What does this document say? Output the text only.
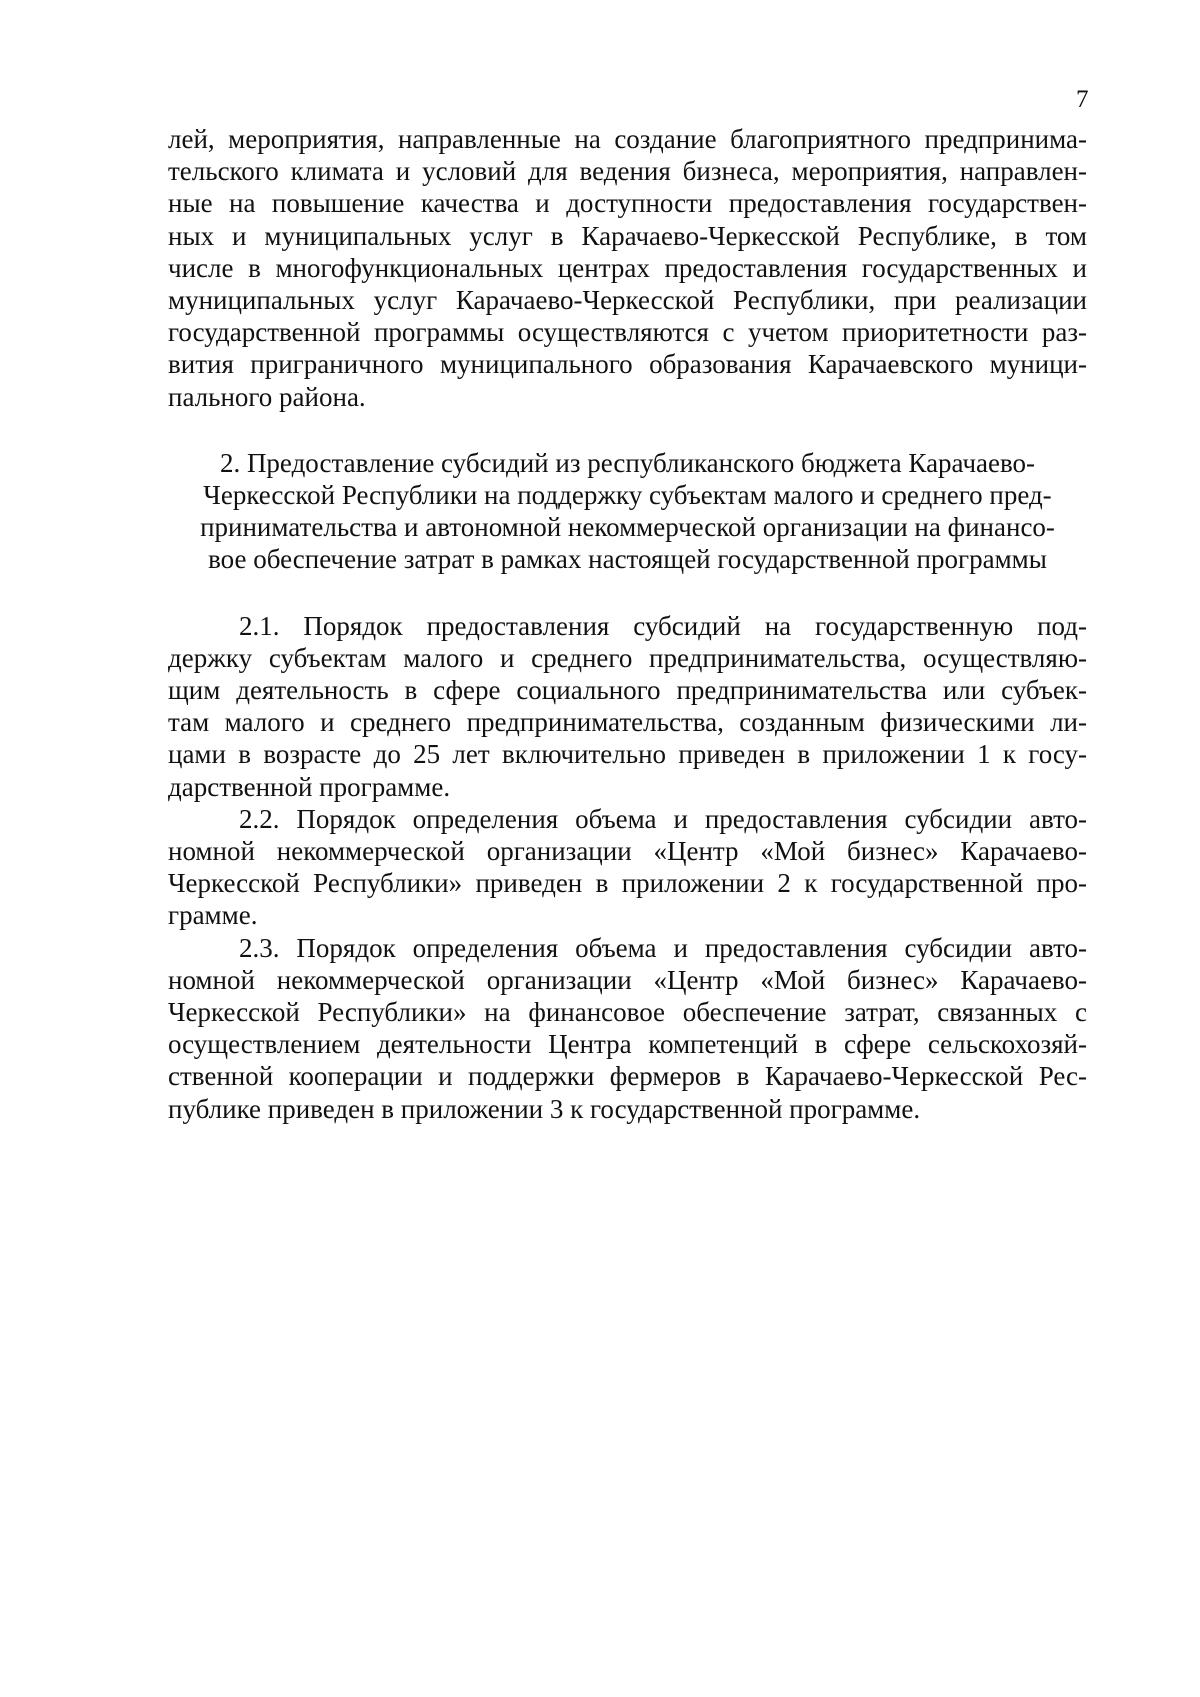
7
лей, мероприятия, направленные на создание благоприятного предпринима-
тельского климата и условий для ведения бизнеса, мероприятия, направлен-
ные на повышение качества и доступности предоставления государствен-
ных и муниципальных услуг в Карачаево-Черкесской Республике, в том
числе в многофункциональных центрах предоставления государственных и
муниципальных услуг Карачаево-Черкесской Республики, при реализации
государственной программы осуществляются с учетом приоритетности раз-
вития приграничного муниципального образования Карачаевского муници-
пального района.
2. Предоставление субсидий из республиканского бюджета Карачаево-
Черкесской Республики на поддержку субъектам малого и среднего пред-
принимательства и автономной некоммерческой организации на финансо-
вое обеспечение затрат в рамках настоящей государственной программы
2.1. Порядок предоставления субсидий на государственную под-
держку субъектам малого и среднего предпринимательства, осуществляю-
щим деятельность в сфере социального предпринимательства или субъек-
там малого и среднего предпринимательства, созданным физическими ли-
цами в возрасте до 25 лет включительно приведен в приложении 1 к госу-
дарственной программе.
2.2. Порядок определения объема и предоставления субсидии авто-
номной некоммерческой организации «Центр «Мой бизнес» Карачаево-
Черкесской Республики» приведен в приложении 2 к государственной про-
грамме.
2.3. Порядок определения объема и предоставления субсидии авто-
номной некоммерческой организации «Центр «Мой бизнес» Карачаево-
Черкесской Республики» на финансовое обеспечение затрат, связанных с
осуществлением деятельности Центра компетенций в сфере сельскохозяй-
ственной кооперации и поддержки фермеров в Карачаево-Черкесской Рес-
публике приведен в приложении 3 к государственной программе.
